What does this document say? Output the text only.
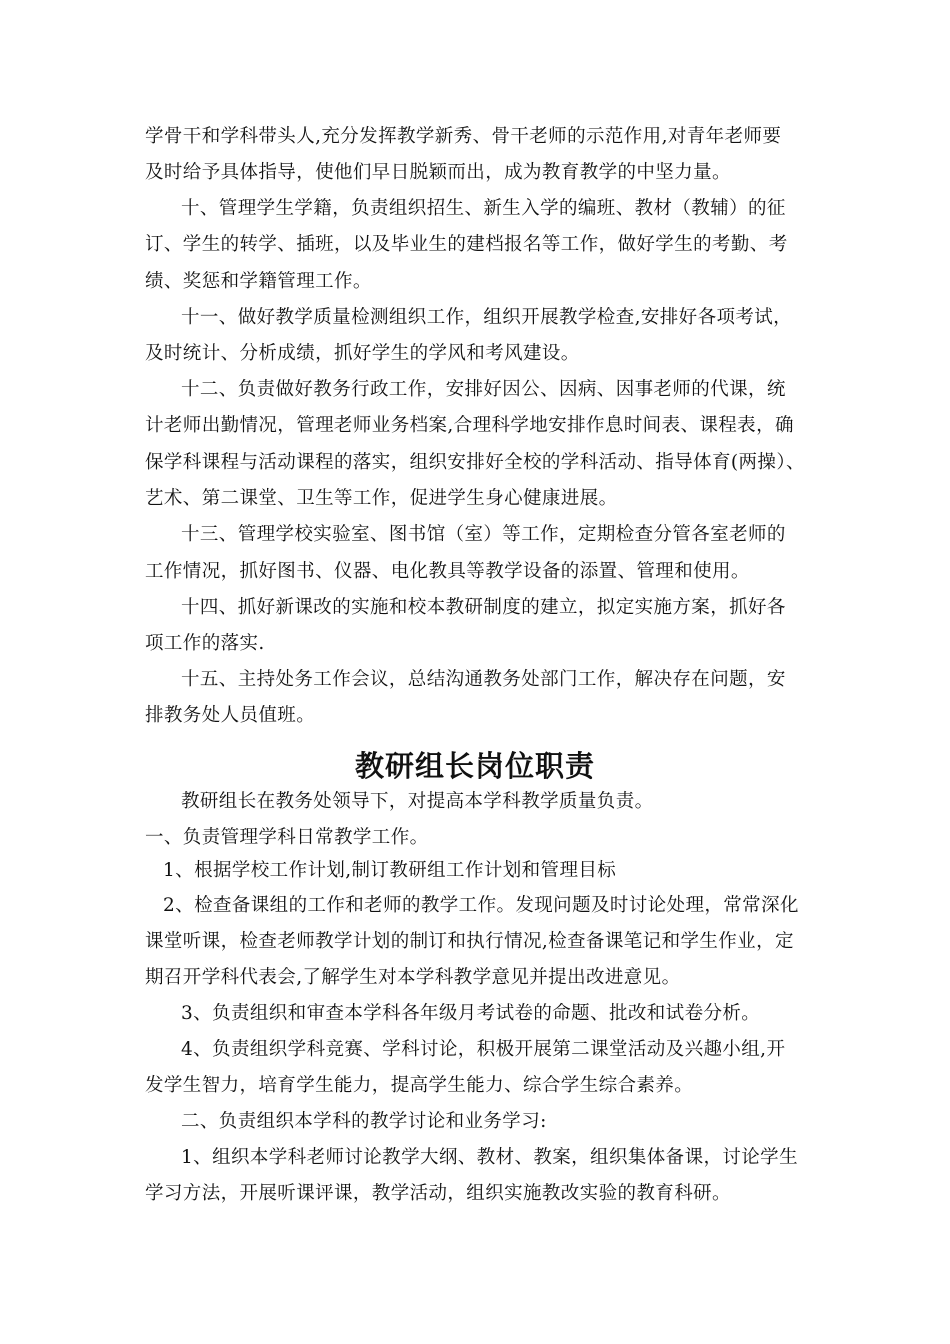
学骨干和学科带头人,充分发挥教学新秀、骨干老师的示范作用,对青年老师要
及时给予具体指导，使他们早日脱颖而出，成为教育教学的中坚力量。
十、管理学生学籍，负责组织招生、新生入学的编班、教材（教辅）的征
订、学生的转学、插班，以及毕业生的建档报名等工作，做好学生的考勤、考
绩、奖惩和学籍管理工作。
十一、做好教学质量检测组织工作，组织开展教学检查,安排好各项考试，
及时统计、分析成绩，抓好学生的学风和考风建设。
十二、负责做好教务行政工作，安排好因公、因病、因事老师的代课，统
计老师出勤情况，管理老师业务档案,合理科学地安排作息时间表、课程表，确
保学科课程与活动课程的落实，组织安排好全校的学科活动、指导体育(两操）、
艺术、第二课堂、卫生等工作，促进学生身心健康进展。
十三、管理学校实验室、图书馆（室）等工作，定期检查分管各室老师的
工作情况，抓好图书、仪器、电化教具等教学设备的添置、管理和使用。
十四、抓好新课改的实施和校本教研制度的建立，拟定实施方案，抓好各
项工作的落实.
十五、主持处务工作会议，总结沟通教务处部门工作，解决存在问题，安
排教务处人员值班。
教研组长岗位职责
教研组长在教务处领导下，对提高本学科教学质量负责。
一、负责管理学科日常教学工作。
1、根据学校工作计划,制订教研组工作计划和管理目标
2、检查备课组的工作和老师的教学工作。发现问题及时讨论处理，常常深化
课堂听课，检查老师教学计划的制订和执行情况,检查备课笔记和学生作业，定
期召开学科代表会,了解学生对本学科教学意见并提出改进意见。
3、负责组织和审查本学科各年级月考试卷的命题、批改和试卷分析。
4、负责组织学科竞赛、学科讨论，积极开展第二课堂活动及兴趣小组,开
发学生智力，培育学生能力，提高学生能力、综合学生综合素养。
二、负责组织本学科的教学讨论和业务学习:
1、组织本学科老师讨论教学大纲、教材、教案，组织集体备课，讨论学生
学习方法，开展听课评课，教学活动，组织实施教改实验的教育科研。
